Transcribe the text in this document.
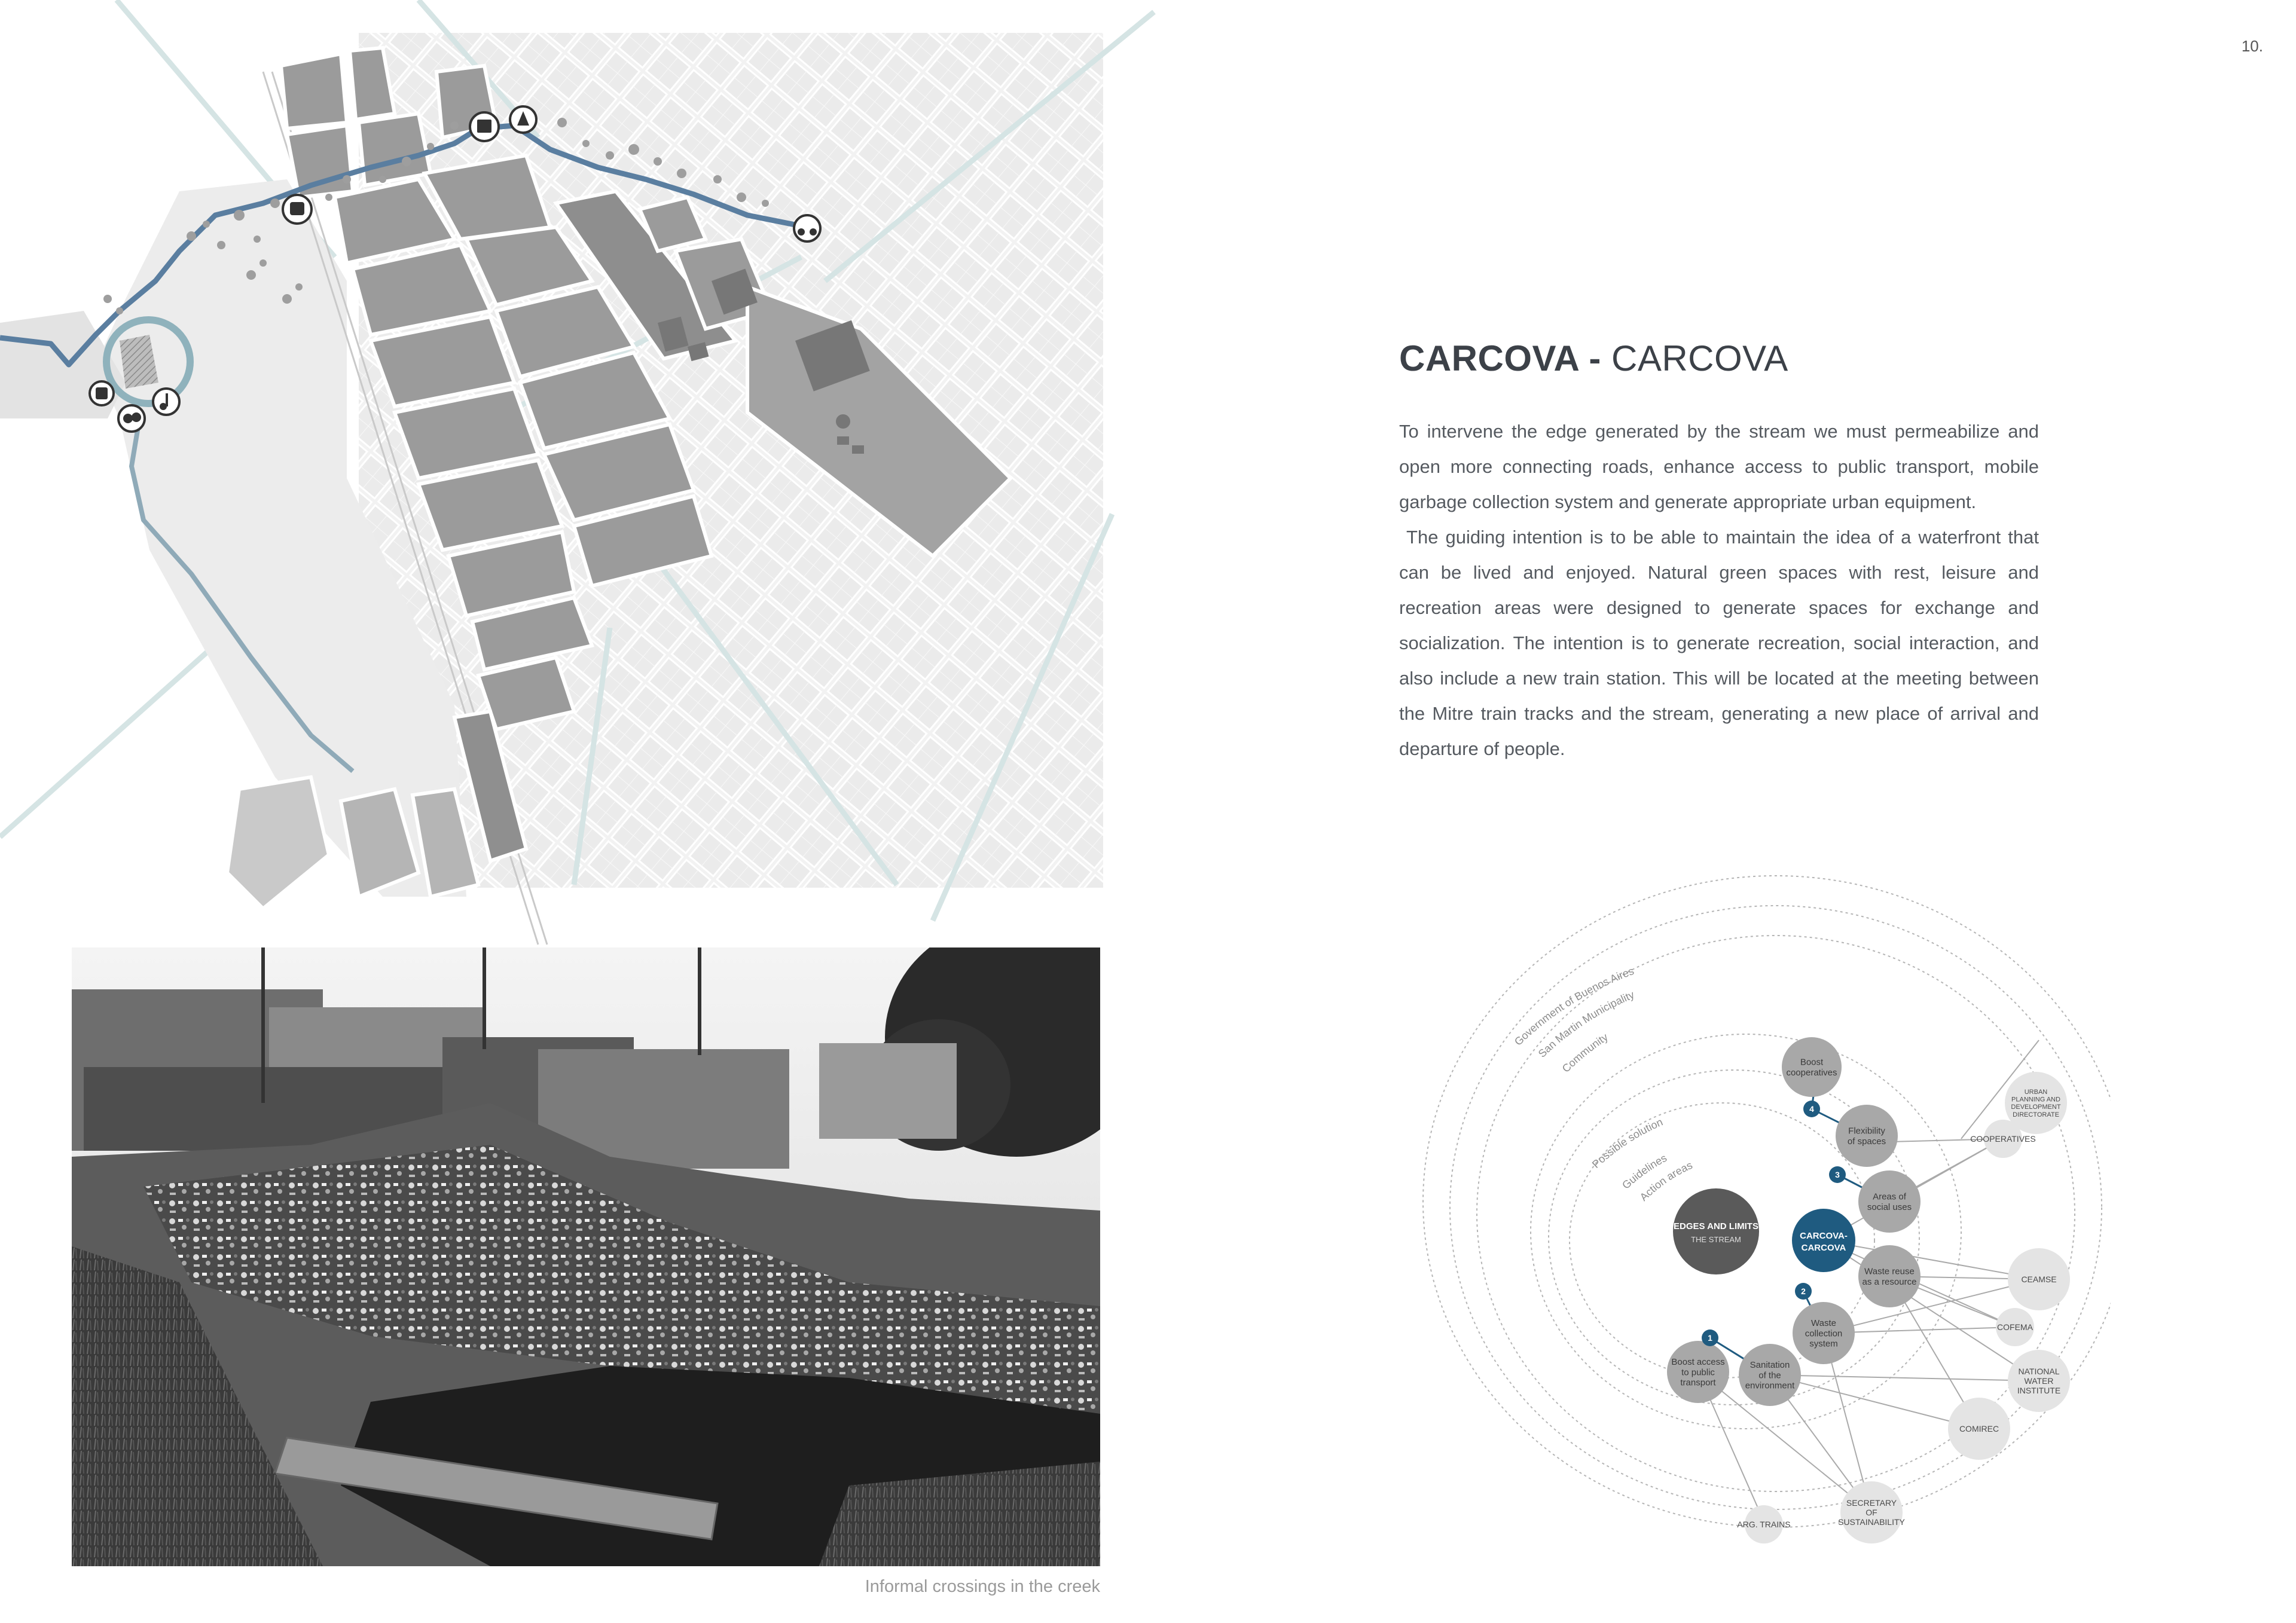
10.
Informal crossings in the creek
CARCOVA - CARCOVA

To intervene the edge generated by the stream we must permeabilize and open more connecting roads, enhance access to public transport, mobile garbage collection system and generate appropriate urban equipment.

The guiding intention is to be able to maintain the idea of a waterfront that can be lived and enjoyed. Natural green spaces with rest, leisure and recreation areas were designed to generate spaces for exchange and socialization. The intention is to generate recreation, social interaction, and also include a new train station. This will be located at the meeting between the Mitre train tracks and the stream, generating a new place of arrival and departure of people.

Government of Buenos Aires
San Martin Municipality
Community
Possible solution
Guidelines
Action areas
EDGES AND LIMITS
THE STREAM	CARCOVA-
CARCOVA
Boost
cooperatives
Flexibility
of spaces
Areas of
social uses
Waste reuse
as a resource
Waste
collection
system
Sanitation
of the
environment
Boost access
to public
transport
URBAN
PLANNING AND
DEVELOPMENT
DIRECTORATE
COOPERATIVES
CEAMSE
COFEMA
NATIONAL
WATER
INSTITUTE
COMIREC
SECRETARY
OF
SUSTAINABILITY
ARG. TRAINS
1
2
3
4
